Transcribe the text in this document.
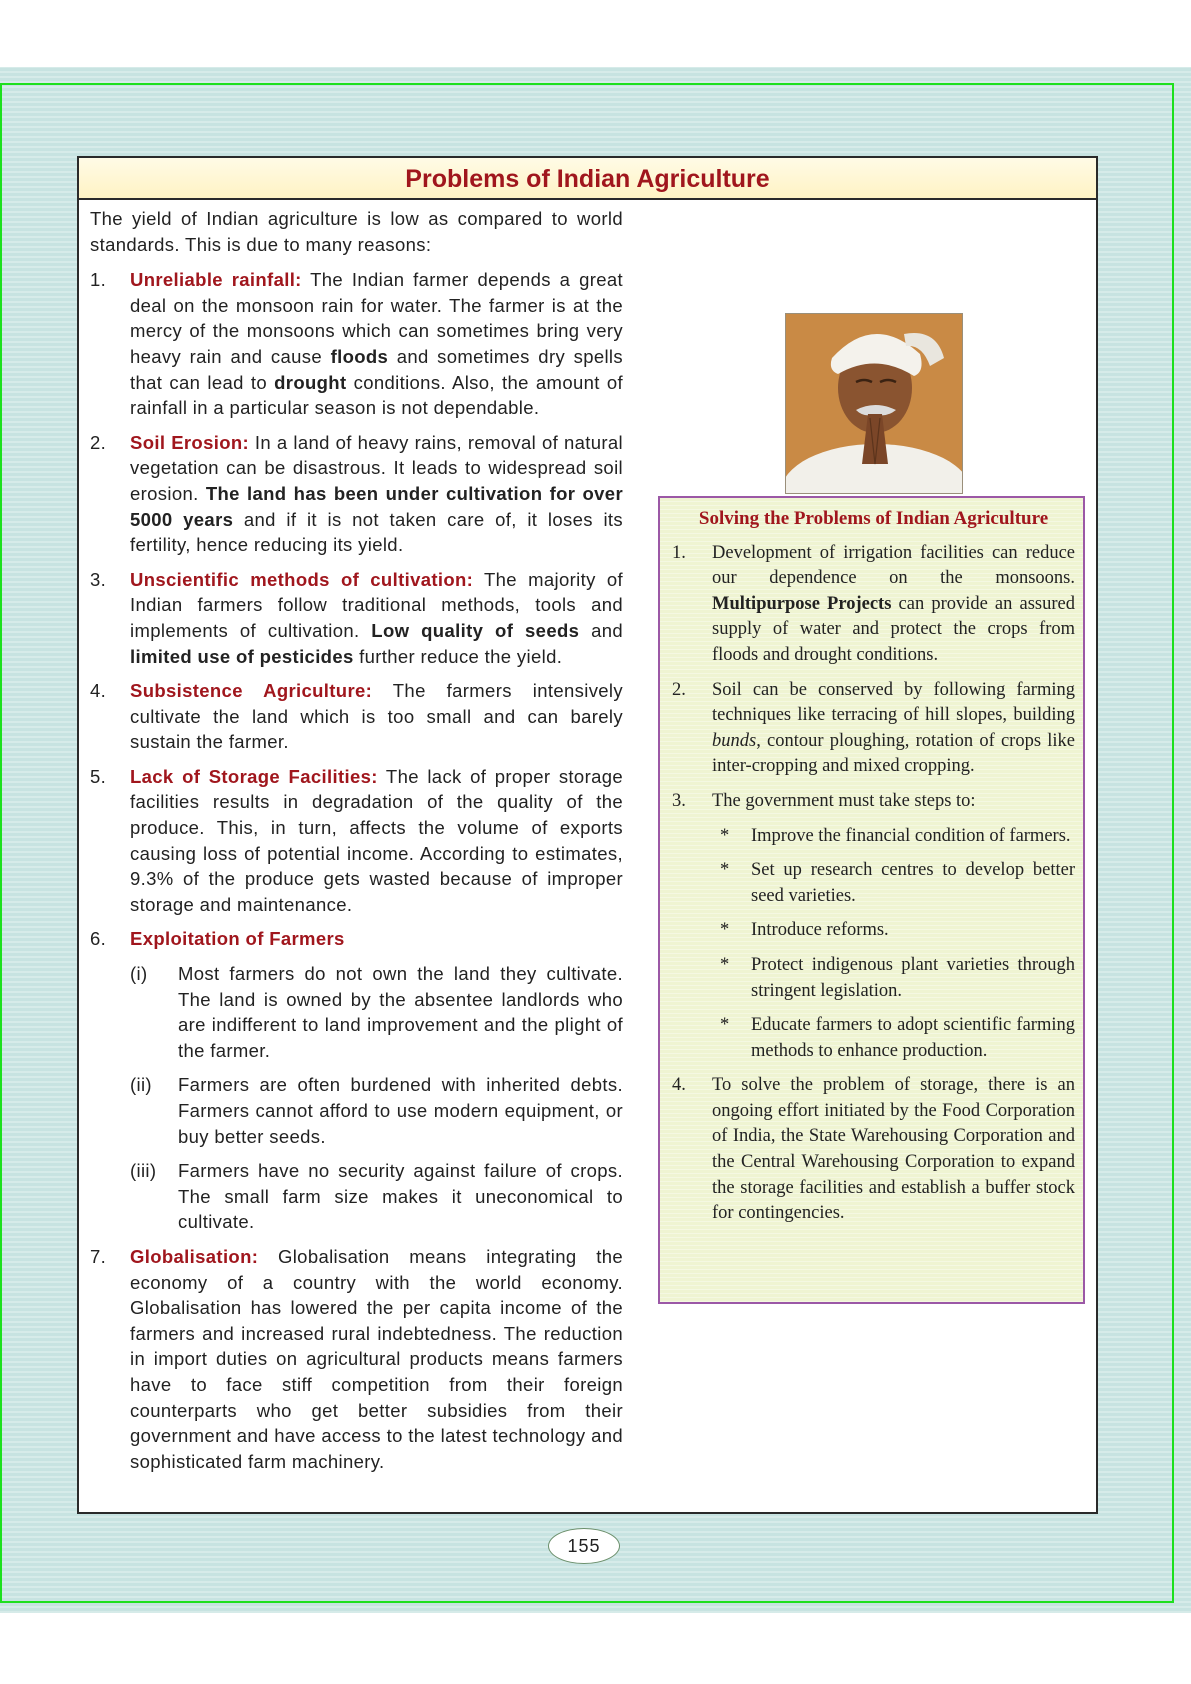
Problems of Indian Agriculture

The yield of Indian agriculture is low as compared to world standards. This is due to many reasons:

1. Unreliable rainfall: The Indian farmer depends a great deal on the monsoon rain for water. The farmer is at the mercy of the monsoons which can sometimes bring very heavy rain and cause floods and sometimes dry spells that can lead to drought conditions. Also, the amount of rainfall in a particular season is not dependable.
2. Soil Erosion: In a land of heavy rains, removal of natural vegetation can be disastrous. It leads to widespread soil erosion. The land has been under cultivation for over 5000 years and if it is not taken care of, it loses its fertility, hence reducing its yield.
3. Unscientific methods of cultivation: The majority of Indian farmers follow traditional methods, tools and implements of cultivation. Low quality of seeds and limited use of pesticides further reduce the yield.
4. Subsistence Agriculture: The farmers intensively cultivate the land which is too small and can barely sustain the farmer.
5. Lack of Storage Facilities: The lack of proper storage facilities results in degradation of the quality of the produce. This, in turn, affects the volume of exports causing loss of potential income. According to estimates, 9.3% of the produce gets wasted because of improper storage and maintenance.
6. Exploitation of Farmers
(i) Most farmers do not own the land they cultivate. The land is owned by the absentee landlords who are indifferent to land improvement and the plight of the farmer.
(ii) Farmers are often burdened with inherited debts. Farmers cannot afford to use modern equipment, or buy better seeds.
(iii) Farmers have no security against failure of crops. The small farm size makes it uneconomical to cultivate.
7. Globalisation: Globalisation means integrating the economy of a country with the world economy. Globalisation has lowered the per capita income of the farmers and increased rural indebtedness. The reduction in import duties on agricultural products means farmers have to face stiff competition from their foreign counterparts who get better subsidies from their government and have access to the latest technology and sophisticated farm machinery.
Solving the Problems of Indian Agriculture
1. Development of irrigation facilities can reduce our dependence on the monsoons. Multipurpose Projects can provide an assured supply of water and protect the crops from floods and drought conditions.
2. Soil can be conserved by following farming techniques like terracing of hill slopes, building bunds, contour ploughing, rotation of crops like inter-cropping and mixed cropping.
3. The government must take steps to:
* Improve the financial condition of farmers.
* Set up research centres to develop better seed varieties.
* Introduce reforms.
* Protect indigenous plant varieties through stringent legislation.
* Educate farmers to adopt scientific farming methods to enhance production.
4. To solve the problem of storage, there is an ongoing effort initiated by the Food Corporation of India, the State Warehousing Corporation and the Central Warehousing Corporation to expand the storage facilities and establish a buffer stock for contingencies.
155
